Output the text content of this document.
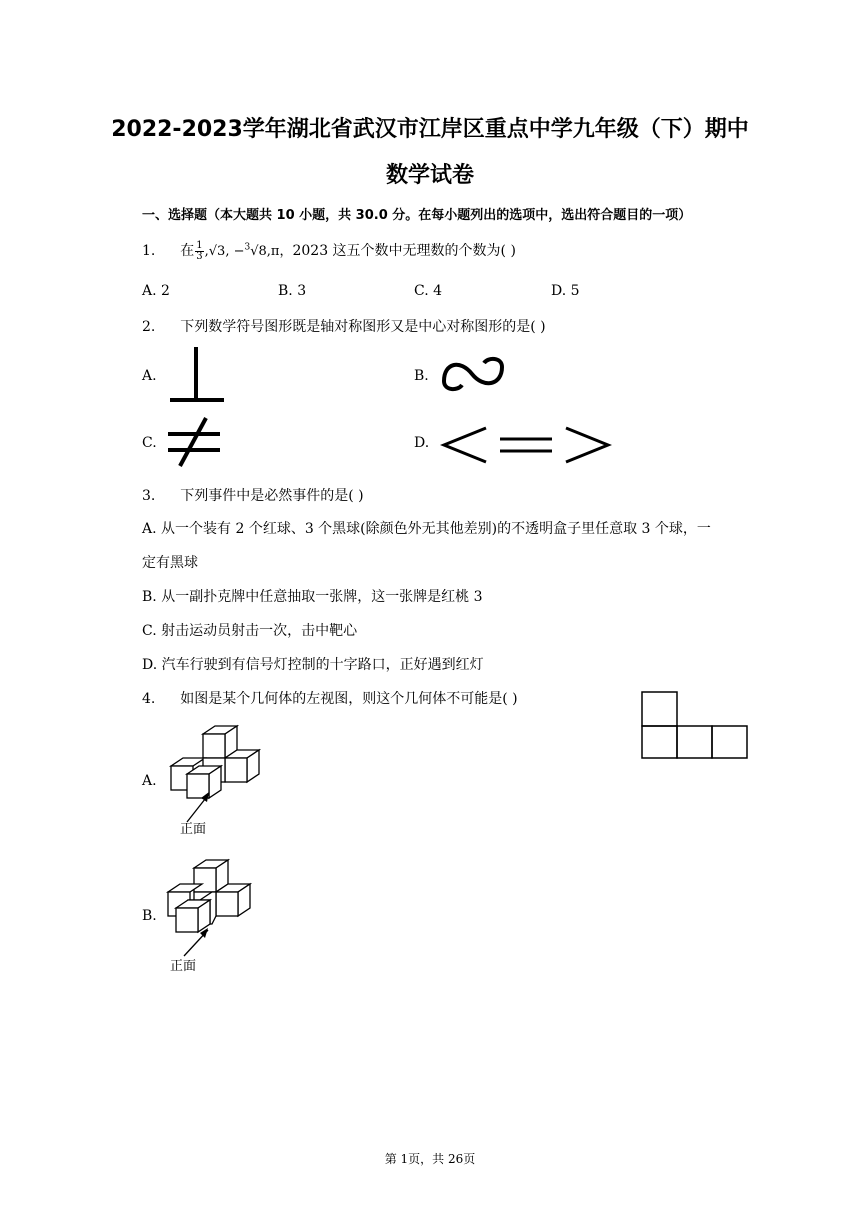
2022-2023学年湖北省武汉市江岸区重点中学九年级（下）期中
数学试卷
一、选择题（本大题共 10 小题，共 30.0 分。在每小题列出的选项中，选出符合题目的一项）
1. 在 $\frac{1}{3} ,√3$, −$^3$√8,π，2023 这五个数中无理数的个数为( )
A. 2	B. 3	C. 4	D. 5
2. 下列数学符号图形既是轴对称图形又是中心对称图形的是( )
A.	B.
C.	D.
3. 下列事件中是必然事件的是( )
A. 从一个装有 2 个红球、3 个黑球(除颜色外无其他差别)的不透明盒子里任意取 3 个球，一
定有黑球
B. 从一副扑克牌中任意抽取一张牌，这一张牌是红桃 3
C. 射击运动员射击一次，击中靶心
D. 汽车行驶到有信号灯控制的十字路口，正好遇到红灯
4. 如图是某个几何体的左视图，则这个几何体不可能是( )
A.
正面
B.
正面
第 1页，共 26页
